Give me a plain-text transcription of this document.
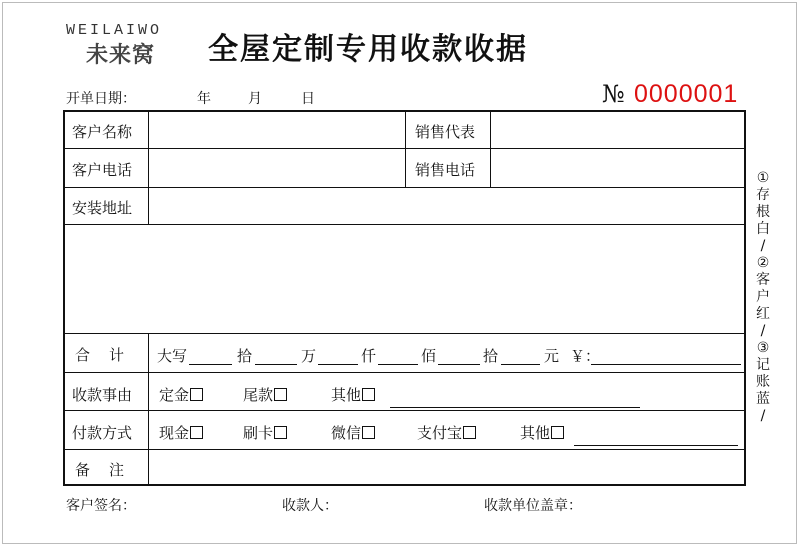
WEILAIWO
未来窝 全屋定制专用收款收据
开单日期：	年	月	日	№ 0000001
客户名称	销售代表
客户电话	销售电话
安装地址
合　计 大写	拾	万	仟	佰	拾	元 ￥：
收款事由 定金	尾款	其他
付款方式 现金	刷卡	微信	支付宝	其他
备　注
①
存
根
白
/
②
客
户
红
/
③
记
账
蓝
/
客户签名：	收款人：	收款单位盖章：
